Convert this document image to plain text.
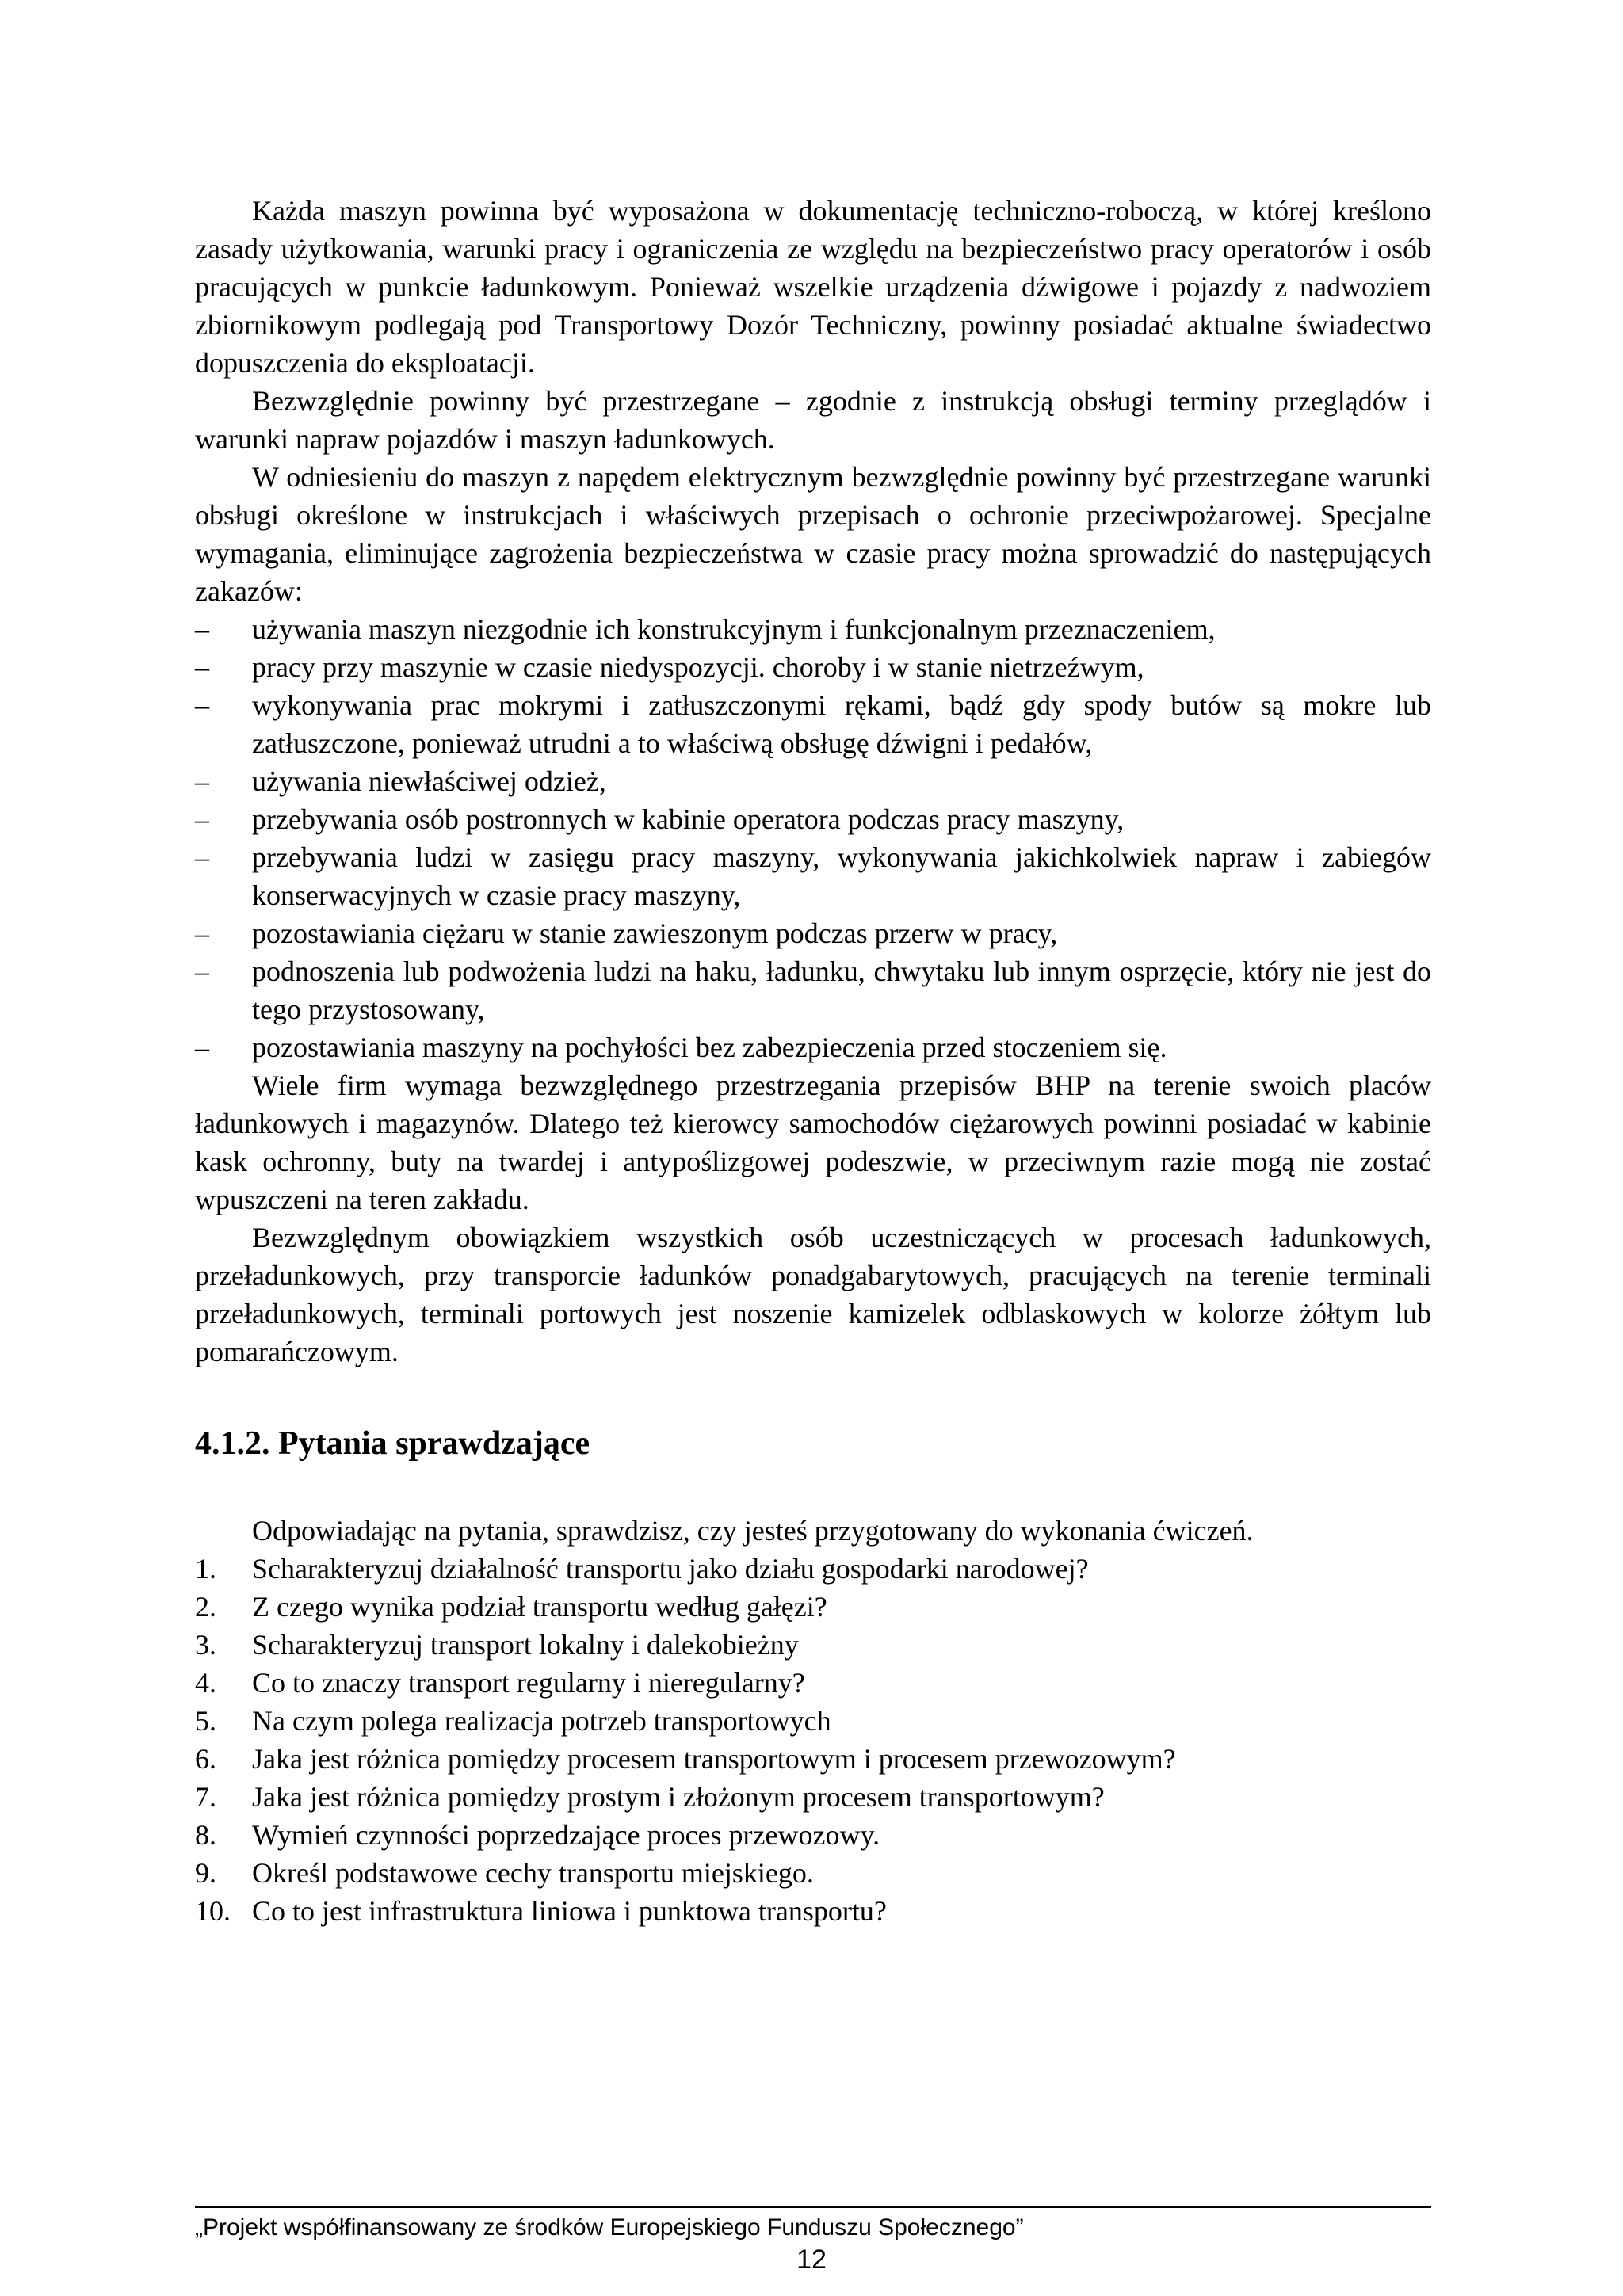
Każda maszyn powinna być wyposażona w dokumentację techniczno-roboczą, w której kreślono zasady użytkowania, warunki pracy i ograniczenia ze względu na bezpieczeństwo pracy operatorów i osób pracujących w punkcie ładunkowym. Ponieważ wszelkie urządzenia dźwigowe i pojazdy z nadwoziem zbiornikowym podlegają pod Transportowy Dozór Techniczny, powinny posiadać aktualne świadectwo dopuszczenia do eksploatacji.

Bezwzględnie powinny być przestrzegane – zgodnie z instrukcją obsługi terminy przeglądów i warunki napraw pojazdów i maszyn ładunkowych.

W odniesieniu do maszyn z napędem elektrycznym bezwzględnie powinny być przestrzegane warunki obsługi określone w instrukcjach i właściwych przepisach o ochronie przeciwpożarowej. Specjalne wymagania, eliminujące zagrożenia bezpieczeństwa w czasie pracy można sprowadzić do następujących zakazów:

– używania maszyn niezgodnie ich konstrukcyjnym i funkcjonalnym przeznaczeniem,
– pracy przy maszynie w czasie niedyspozycji. choroby i w stanie nietrzeźwym,
– wykonywania prac mokrymi i zatłuszczonymi rękami, bądź gdy spody butów są mokre lub zatłuszczone, ponieważ utrudni a to właściwą obsługę dźwigni i pedałów,
– używania niewłaściwej odzież,
– przebywania osób postronnych w kabinie operatora podczas pracy maszyny,
– przebywania ludzi w zasięgu pracy maszyny, wykonywania jakichkolwiek napraw i zabiegów konserwacyjnych w czasie pracy maszyny,
– pozostawiania ciężaru w stanie zawieszonym podczas przerw w pracy,
– podnoszenia lub podwożenia ludzi na haku, ładunku, chwytaku lub innym osprzęcie, który nie jest do tego przystosowany,
– pozostawiania maszyny na pochyłości bez zabezpieczenia przed stoczeniem się.

Wiele firm wymaga bezwzględnego przestrzegania przepisów BHP na terenie swoich placów ładunkowych i magazynów. Dlatego też kierowcy samochodów ciężarowych powinni posiadać w kabinie kask ochronny, buty na twardej i antypoślizgowej podeszwie, w przeciwnym razie mogą nie zostać wpuszczeni na teren zakładu.

Bezwzględnym obowiązkiem wszystkich osób uczestniczących w procesach ładunkowych, przeładunkowych, przy transporcie ładunków ponadgabarytowych, pracujących na terenie terminali przeładunkowych, terminali portowych jest noszenie kamizelek odblaskowych w kolorze żółtym lub pomarańczowym.

4.1.2. Pytania sprawdzające

Odpowiadając na pytania, sprawdzisz, czy jesteś przygotowany do wykonania ćwiczeń.

1. Scharakteryzuj działalność transportu jako działu gospodarki narodowej?
2. Z czego wynika podział transportu według gałęzi?
3. Scharakteryzuj transport lokalny i dalekobieżny
4. Co to znaczy transport regularny i nieregularny?
5. Na czym polega realizacja potrzeb transportowych
6. Jaka jest różnica pomiędzy procesem transportowym i procesem przewozowym?
7. Jaka jest różnica pomiędzy prostym i złożonym procesem transportowym?
8. Wymień czynności poprzedzające proces przewozowy.
9. Określ podstawowe cechy transportu miejskiego.
10. Co to jest infrastruktura liniowa i punktowa transportu?
„Projekt współfinansowany ze środków Europejskiego Funduszu Społecznego”
12
